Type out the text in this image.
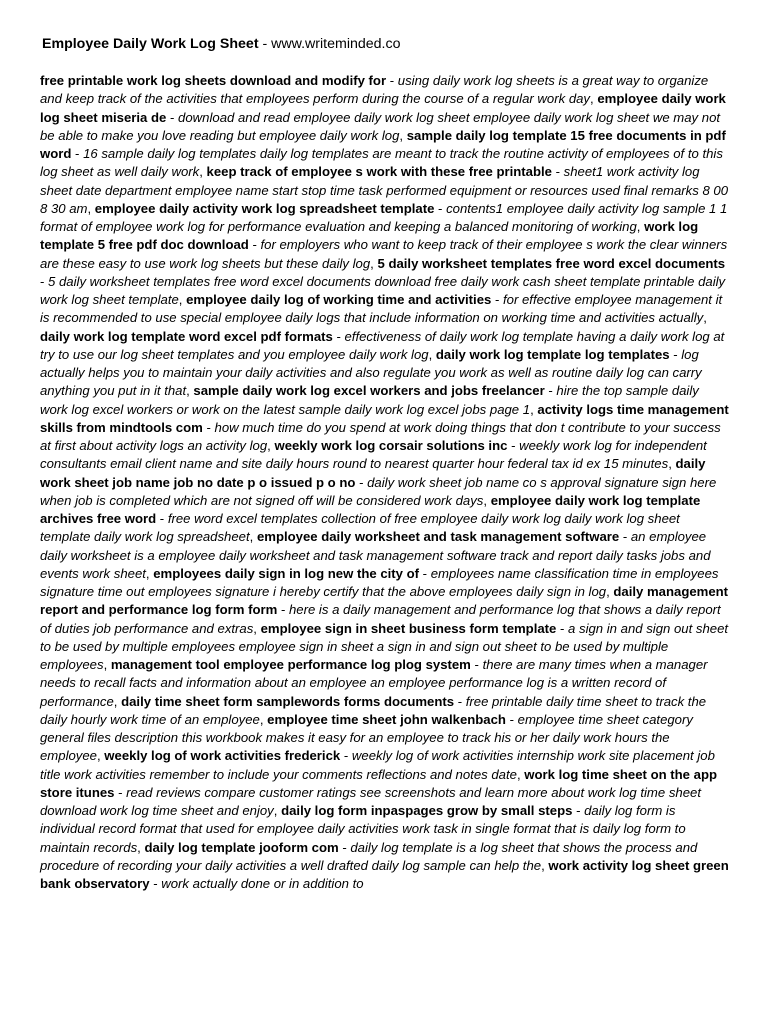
Employee Daily Work Log Sheet - www.writeminded.co
free printable work log sheets download and modify for - using daily work log sheets is a great way to organize and keep track of the activities that employees perform during the course of a regular work day, employee daily work log sheet miseria de - download and read employee daily work log sheet employee daily work log sheet we may not be able to make you love reading but employee daily work log, sample daily log template 15 free documents in pdf word - 16 sample daily log templates daily log templates are meant to track the routine activity of employees of to this log sheet as well daily work, keep track of employee s work with these free printable - sheet1 work activity log sheet date department employee name start stop time task performed equipment or resources used final remarks 8 00 8 30 am, employee daily activity work log spreadsheet template - contents1 employee daily activity log sample 1 1 format of employee work log for performance evaluation and keeping a balanced monitoring of working, work log template 5 free pdf doc download - for employers who want to keep track of their employee s work the clear winners are these easy to use work log sheets but these daily log, 5 daily worksheet templates free word excel documents - 5 daily worksheet templates free word excel documents download free daily work cash sheet template printable daily work log sheet template, employee daily log of working time and activities - for effective employee management it is recommended to use special employee daily logs that include information on working time and activities actually, daily work log template word excel pdf formats - effectiveness of daily work log template having a daily work log at try to use our log sheet templates and you employee daily work log, daily work log template log templates - log actually helps you to maintain your daily activities and also regulate you work as well as routine daily log can carry anything you put in it that, sample daily work log excel workers and jobs freelancer - hire the top sample daily work log excel workers or work on the latest sample daily work log excel jobs page 1, activity logs time management skills from mindtools com - how much time do you spend at work doing things that don t contribute to your success at first about activity logs an activity log, weekly work log corsair solutions inc - weekly work log for independent consultants email client name and site daily hours round to nearest quarter hour federal tax id ex 15 minutes, daily work sheet job name job no date p o issued p o no - daily work sheet job name co s approval signature sign here when job is completed which are not signed off will be considered work days, employee daily work log template archives free word - free word excel templates collection of free employee daily work log daily work log sheet template daily work log spreadsheet, employee daily worksheet and task management software - an employee daily worksheet is a employee daily worksheet and task management software track and report daily tasks jobs and events work sheet, employees daily sign in log new the city of - employees name classification time in employees signature time out employees signature i hereby certify that the above employees daily sign in log, daily management report and performance log form form - here is a daily management and performance log that shows a daily report of duties job performance and extras, employee sign in sheet business form template - a sign in and sign out sheet to be used by multiple employees employee sign in sheet a sign in and sign out sheet to be used by multiple employees, management tool employee performance log plog system - there are many times when a manager needs to recall facts and information about an employee an employee performance log is a written record of performance, daily time sheet form samplewords forms documents - free printable daily time sheet to track the daily hourly work time of an employee, employee time sheet john walkenbach - employee time sheet category general files description this workbook makes it easy for an employee to track his or her daily work hours the employee, weekly log of work activities frederick - weekly log of work activities internship work site placement job title work activities remember to include your comments reflections and notes date, work log time sheet on the app store itunes - read reviews compare customer ratings see screenshots and learn more about work log time sheet download work log time sheet and enjoy, daily log form inpaspages grow by small steps - daily log form is individual record format that used for employee daily activities work task in single format that is daily log form to maintain records, daily log template jooform com - daily log template is a log sheet that shows the process and procedure of recording your daily activities a well drafted daily log sample can help the, work activity log sheet green bank observatory - work actually done or in addition to
